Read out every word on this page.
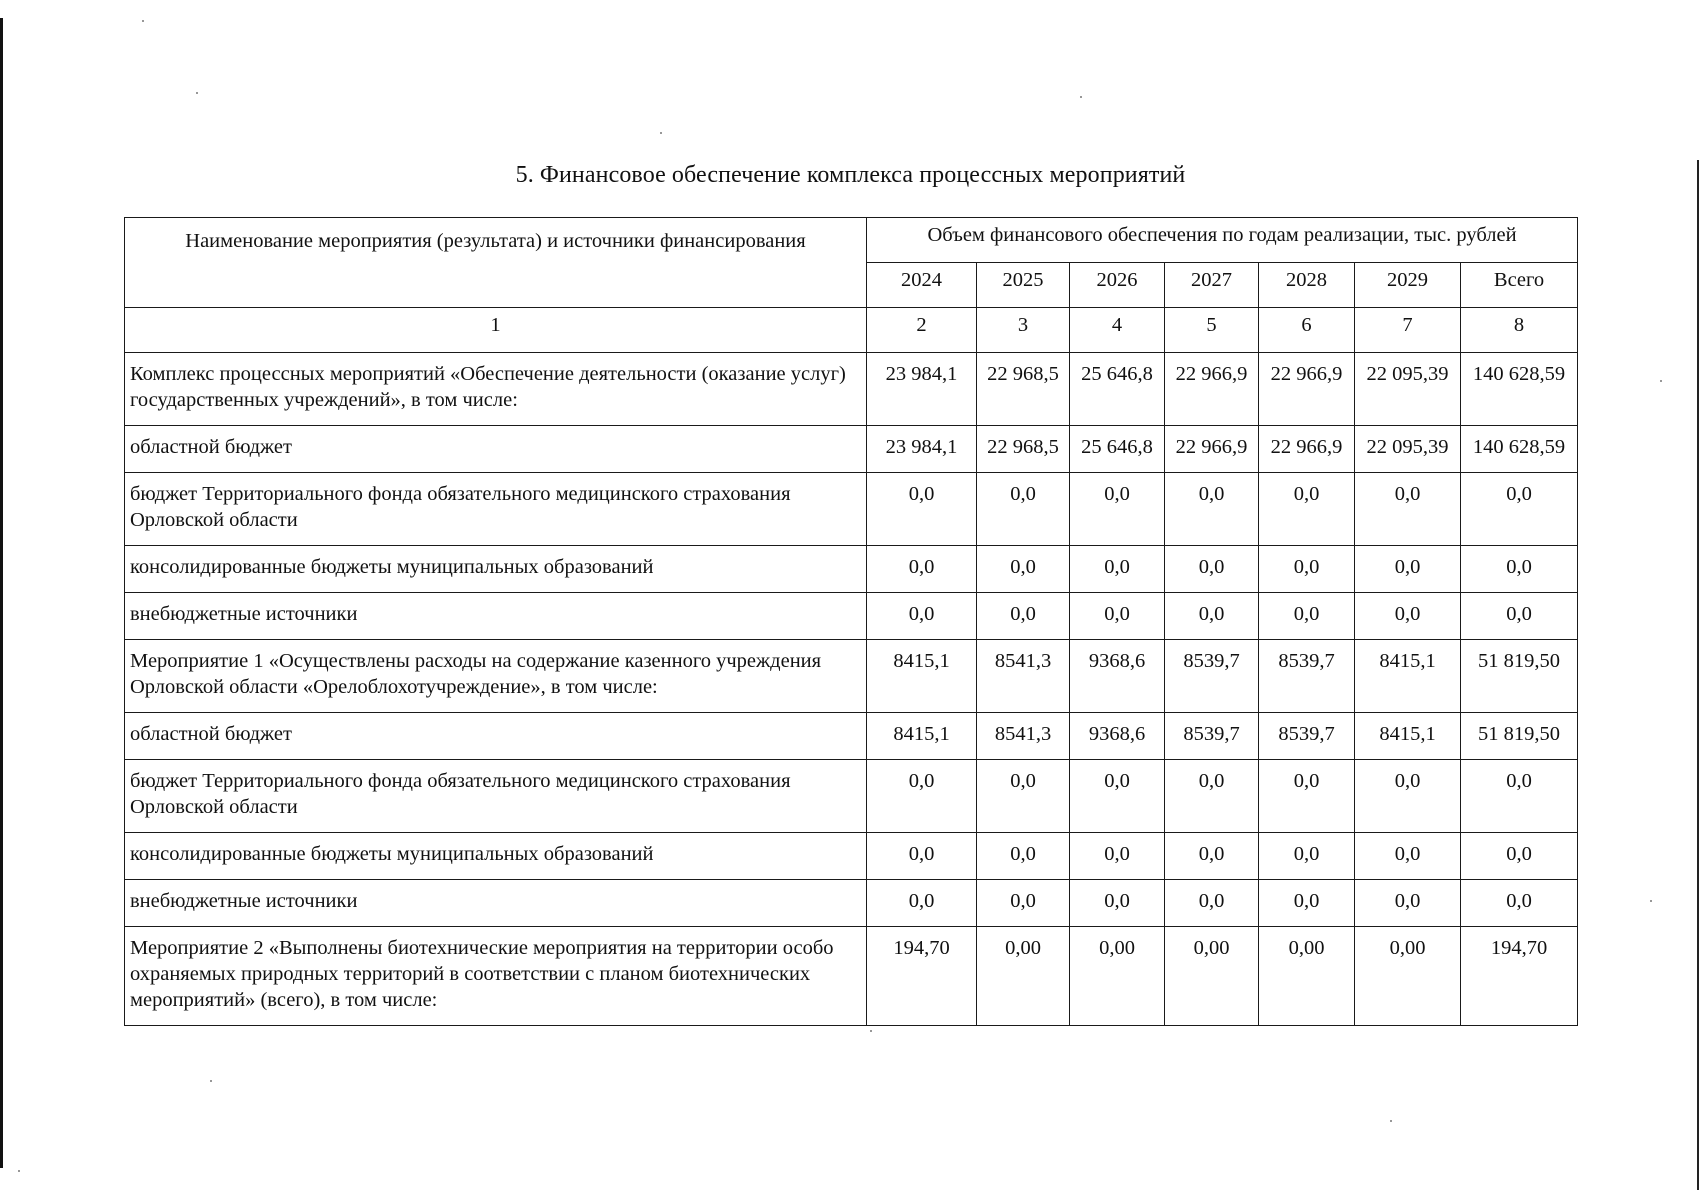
5. Финансовое обеспечение комплекса процессных мероприятий
Наименование мероприятия (результата) и источники финансирования	Объем финансового обеспечения по годам реализации, тыс. рублей						
	2024	2025	2026	2027	2028	2029	Всего
1	2	3	4	5	6	7	8
Комплекс процессных мероприятий «Обеспечение деятельности (оказание услуг) государственных учреждений», в том числе:	23 984,1	22 968,5	25 646,8	22 966,9	22 966,9	22 095,39	140 628,59
областной бюджет	23 984,1	22 968,5	25 646,8	22 966,9	22 966,9	22 095,39	140 628,59
бюджет Территориального фонда обязательного медицинского страхования Орловской области	0,0	0,0	0,0	0,0	0,0	0,0	0,0
консолидированные бюджеты муниципальных образований	0,0	0,0	0,0	0,0	0,0	0,0	0,0
внебюджетные источники	0,0	0,0	0,0	0,0	0,0	0,0	0,0
Мероприятие 1 «Осуществлены расходы на содержание казенного учреждения Орловской области «Орелоблохотучреждение», в том числе:	8415,1	8541,3	9368,6	8539,7	8539,7	8415,1	51 819,50
областной бюджет	8415,1	8541,3	9368,6	8539,7	8539,7	8415,1	51 819,50
бюджет Территориального фонда обязательного медицинского страхования Орловской области	0,0	0,0	0,0	0,0	0,0	0,0	0,0
консолидированные бюджеты муниципальных образований	0,0	0,0	0,0	0,0	0,0	0,0	0,0
внебюджетные источники	0,0	0,0	0,0	0,0	0,0	0,0	0,0
Мероприятие 2 «Выполнены биотехнические мероприятия на территории особо охраняемых природных территорий в соответствии с планом биотехнических мероприятий» (всего), в том числе:	194,70	0,00	0,00	0,00	0,00	0,00	194,70
